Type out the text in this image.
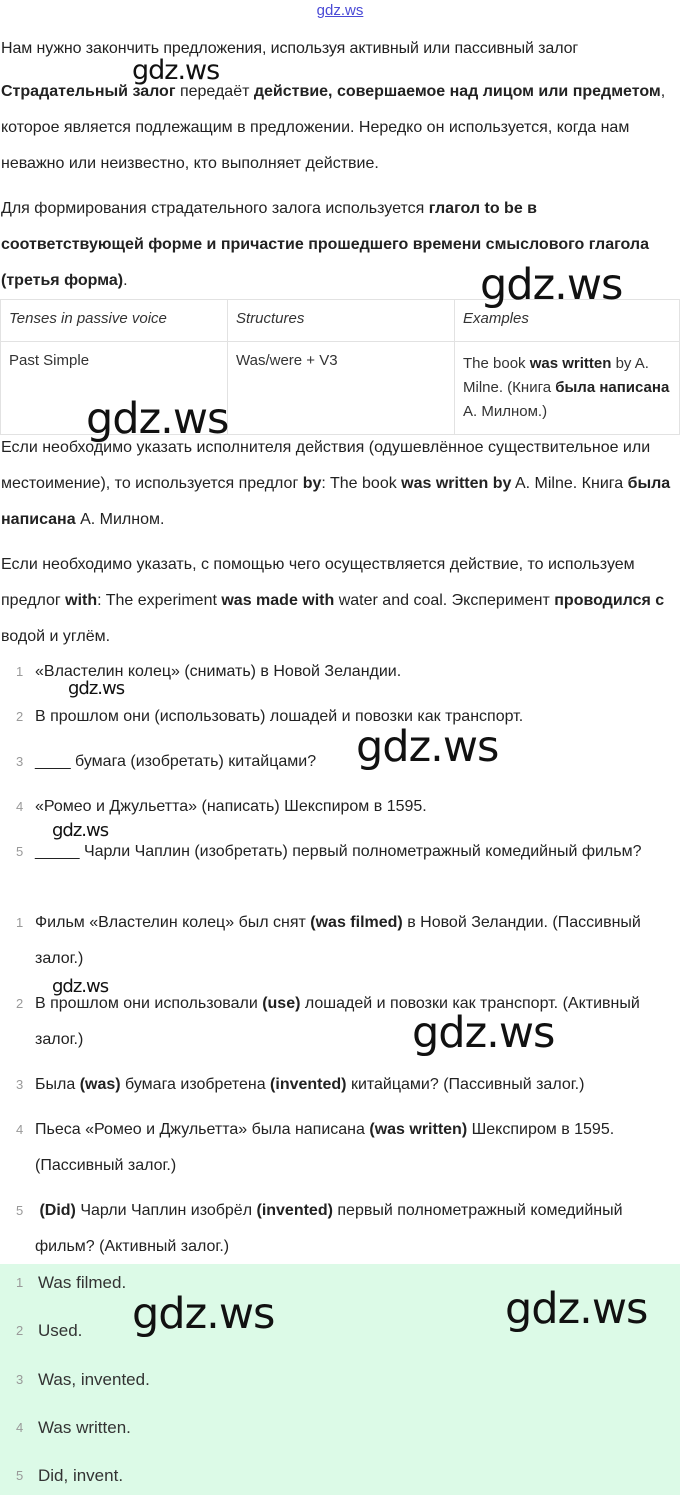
gdz.ws

Нам нужно закончить предложения, используя активный или пассивный залог

Страдательный залог передаёт действие, совершаемое над лицом или предметом, которое является подлежащим в предложении. Нередко он используется, когда нам неважно или неизвестно, кто выполняет действие.

Для формирования страдательного залога используется глагол to be в соответствующей форме и причастие прошедшего времени смыслового глагола (третья форма).

Tenses in passive voice	Structures	Examples
Past Simple	Was/were + V3	The book was written by A. Milne. (Книга была написана А. Милном.)

Если необходимо указать исполнителя действия (одушевлённое существительное или местоимение), то используется предлог by: The book was written by A. Milne. Книга была написана А. Милном.

Если необходимо указать, с помощью чего осуществляется действие, то используем предлог with: The experiment was made with water and coal. Эксперимент проводился с водой и углём.

1 «Властелин колец» (снимать) в Новой Зеландии.
2 В прошлом они (использовать) лошадей и повозки как транспорт.
3 ____ бумага (изобретать) китайцами?
4 «Ромео и Джульетта» (написать) Шекспиром в 1595.
5 _____ Чарли Чаплин (изобретать) первый полнометражный комедийный фильм?
1 Фильм «Властелин колец» был снят (was filmed) в Новой Зеландии. (Пассивный залог.)
2 В прошлом они использовали (use) лошадей и повозки как транспорт. (Активный залог.)
3 Была (was) бумага изобретена (invented) китайцами? (Пассивный залог.)
4 Пьеса «Ромео и Джульетта» была написана (was written) Шекспиром в 1595. (Пассивный залог.)
5 (Did) Чарли Чаплин изобрёл (invented) первый полнометражный комедийный фильм? (Активный залог.)
1 Was filmed.
2 Used.
3 Was, invented.
4 Was written.
5 Did, invent.
gdz.ws
gdz.ws
gdz.ws
gdz.ws
gdz.ws
gdz.ws
gdz.ws
gdz.ws
gdz.ws	gdz.ws
